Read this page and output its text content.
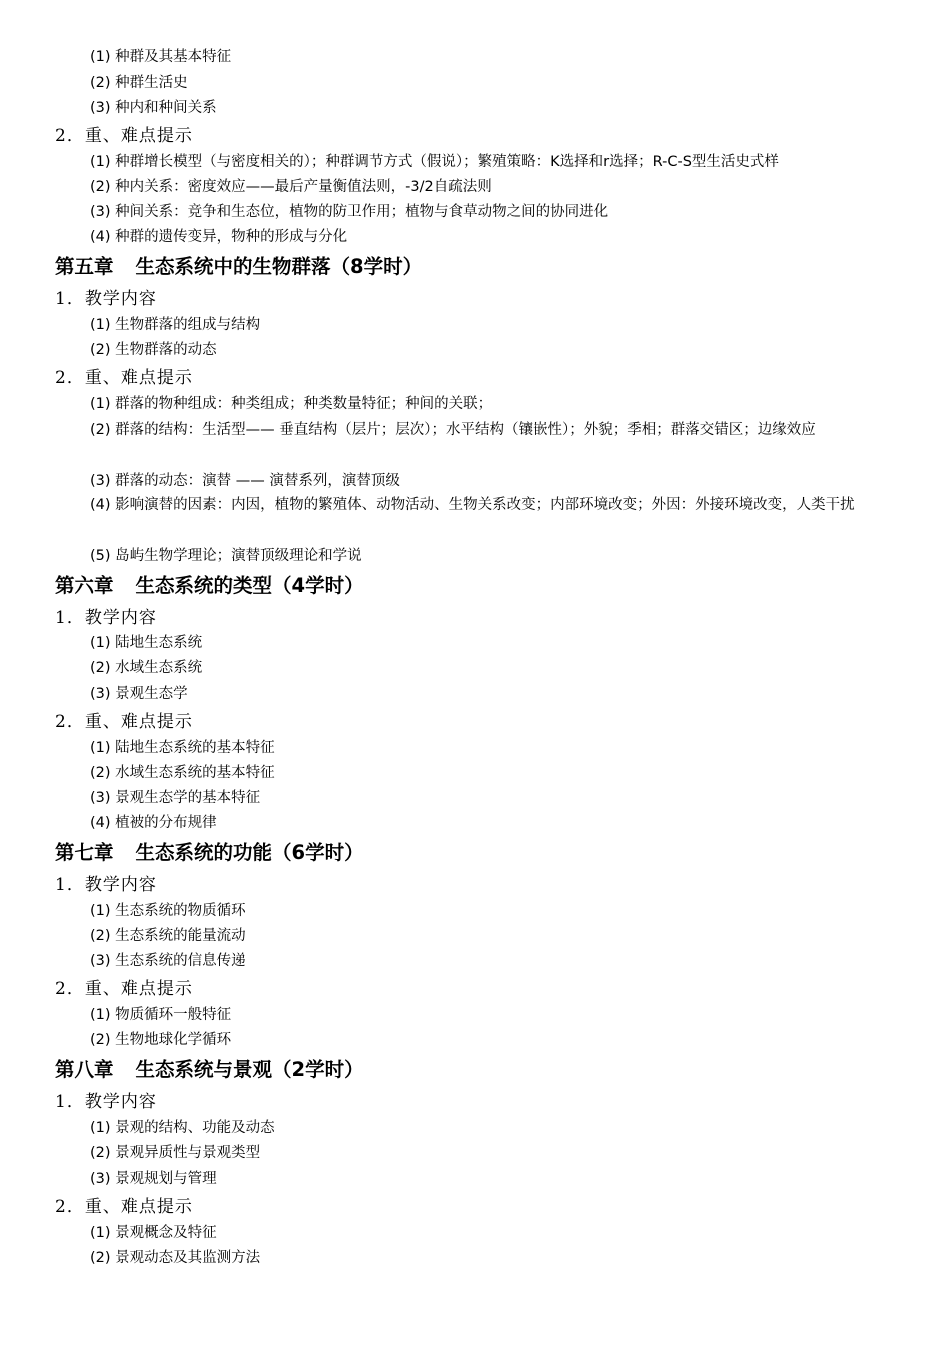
(1) 种群及其基本特征
(2) 种群生活史
(3) 种内和种间关系
2．重、难点提示
(1) 种群增长模型（与密度相关的）；种群调节方式（假说）；繁殖策略：K选择和r选择；R-C-S型生活史式样
(2) 种内关系：密度效应——最后产量衡值法则，-3/2自疏法则
(3) 种间关系：竞争和生态位，植物的防卫作用；植物与食草动物之间的协同进化
(4) 种群的遗传变异，物种的形成与分化
第五章 生态系统中的生物群落（8学时）
1．教学内容
(1) 生物群落的组成与结构
(2) 生物群落的动态
2．重、难点提示
(1) 群落的物种组成：种类组成；种类数量特征；种间的关联；
(2) 群落的结构：生活型—— 垂直结构（层片；层次）；水平结构（镶嵌性）；外貌；季相；群落交错区；边缘效应
(3) 群落的动态：演替 —— 演替系列，演替顶级
(4) 影响演替的因素：内因，植物的繁殖体、动物活动、生物关系改变；内部环境改变；外因：外接环境改变，人类干扰
(5) 岛屿生物学理论；演替顶级理论和学说
第六章 生态系统的类型（4学时）
1．教学内容
(1) 陆地生态系统
(2) 水域生态系统
(3) 景观生态学
2．重、难点提示
(1) 陆地生态系统的基本特征
(2) 水域生态系统的基本特征
(3) 景观生态学的基本特征
(4) 植被的分布规律
第七章 生态系统的功能（6学时）
1．教学内容
(1) 生态系统的物质循环
(2) 生态系统的能量流动
(3) 生态系统的信息传递
2．重、难点提示
(1) 物质循环一般特征
(2) 生物地球化学循环
第八章 生态系统与景观（2学时）
1．教学内容
(1) 景观的结构、功能及动态
(2) 景观异质性与景观类型
(3) 景观规划与管理
2．重、难点提示
(1) 景观概念及特征
(2) 景观动态及其监测方法
